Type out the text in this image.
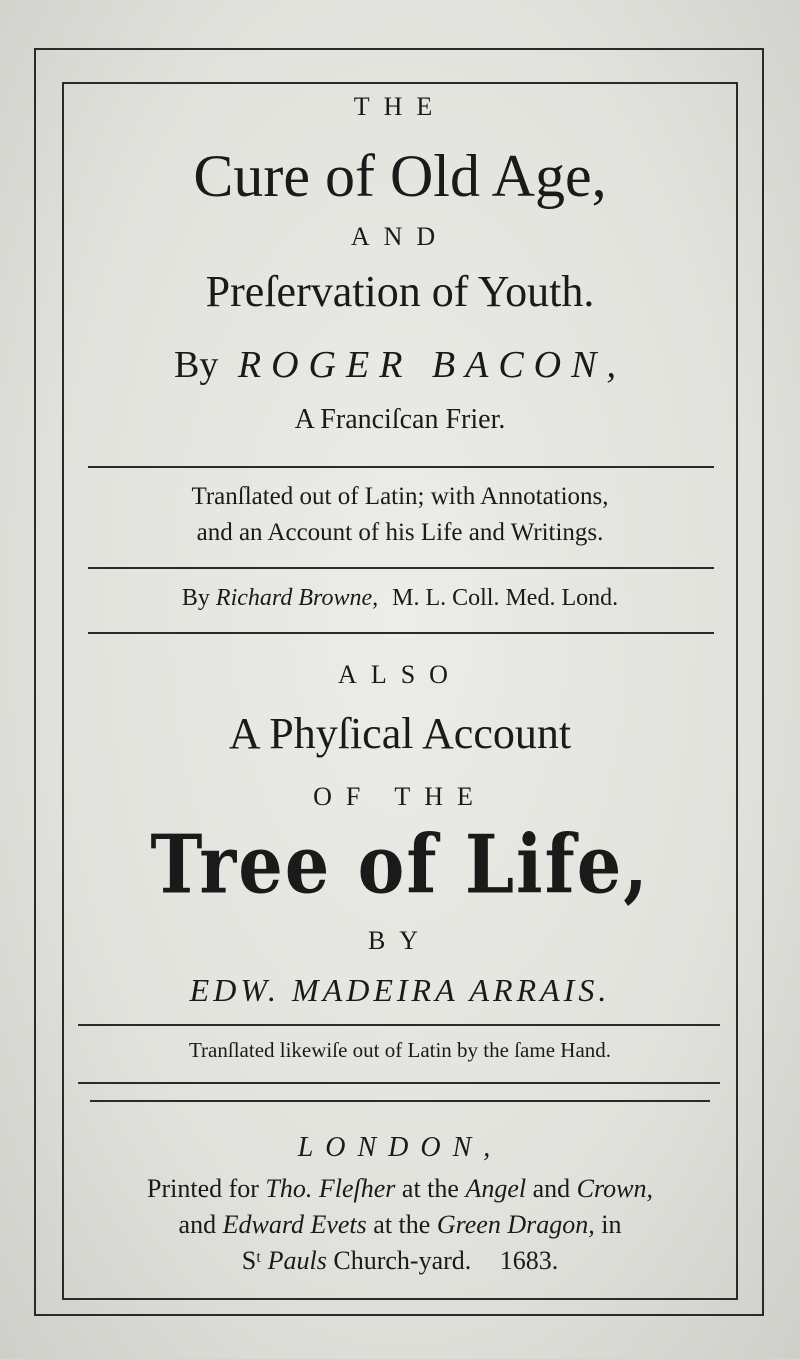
THE
Cure of Old Age,
AND
Preſervation of Youth.
By ROGER BACON,
A Franciſcan Frier.
Tranſlated out of Latin; with Annotations,
and an Account of his Life and Writings.
By Richard Browne, M. L. Coll. Med. Lond.
ALSO
A Phyſical Account
OF THE
Tree of Life,
BY
EDW. MADEIRA ARRAIS.
Tranſlated likewiſe out of Latin by the ſame Hand.
LONDON,
Printed for Tho. Fleſher at the Angel and Crown,
and Edward Evets at the Green Dragon, in
Sᵗ Pauls Church-yard. 1683.
